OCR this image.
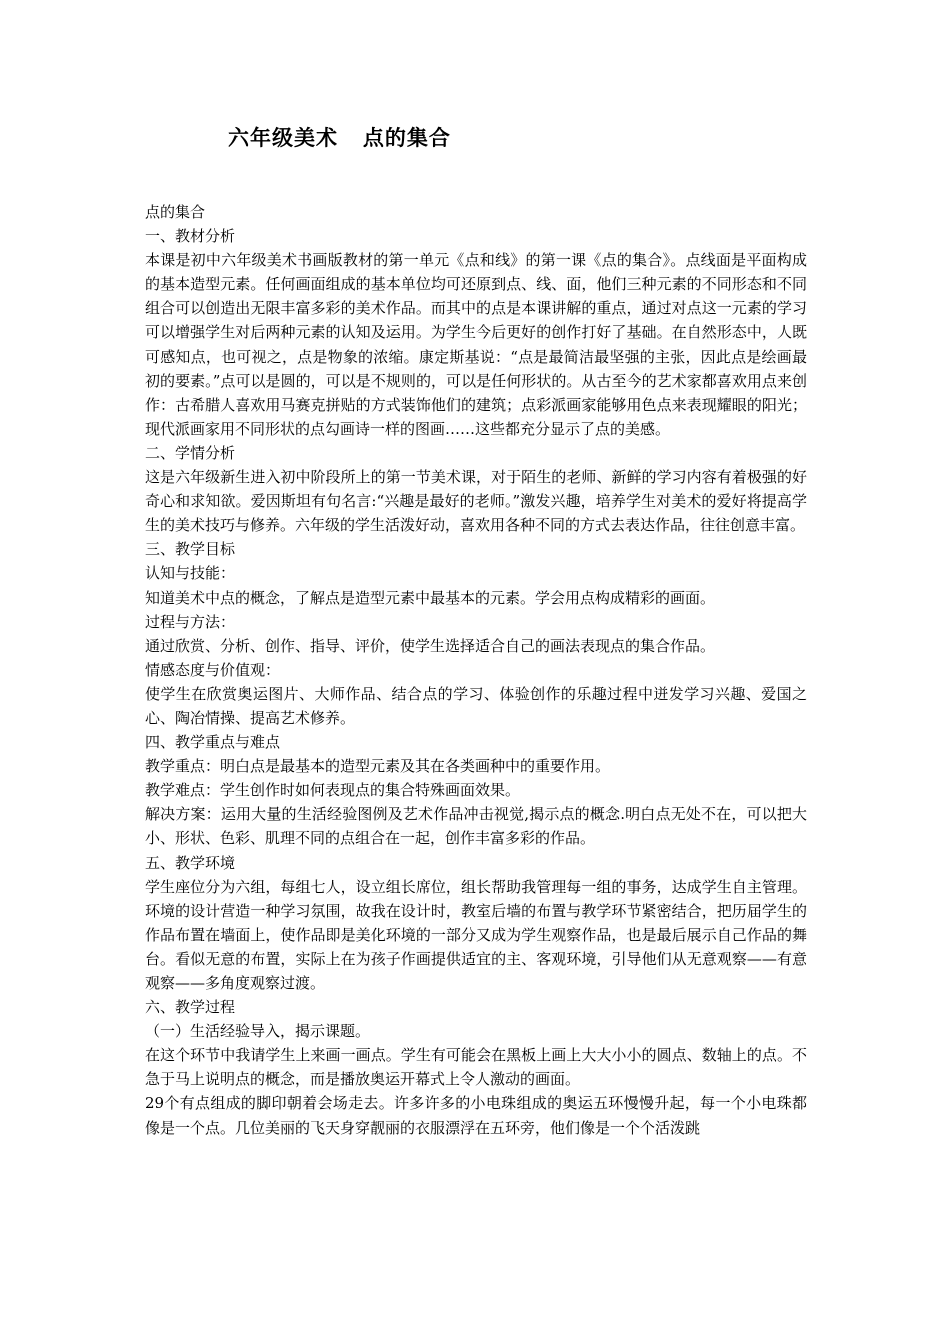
六年级美术   点的集合

点的集合

一、教材分析

本课是初中六年级美术书画版教材的第一单元《点和线》的第一课《点的集合》。点线面是平面构成的基本造型元素。任何画面组成的基本单位均可还原到点、线、面，他们三种元素的不同形态和不同组合可以创造出无限丰富多彩的美术作品。而其中的点是本课讲解的重点，通过对点这一元素的学习可以增强学生对后两种元素的认知及运用。为学生今后更好的创作打好了基础。在自然形态中，人既可感知点，也可视之，点是物象的浓缩。康定斯基说：“点是最简洁最坚强的主张，因此点是绘画最初的要素。”点可以是圆的，可以是不规则的，可以是任何形状的。从古至今的艺术家都喜欢用点来创作：古希腊人喜欢用马赛克拼贴的方式装饰他们的建筑；点彩派画家能够用色点来表现耀眼的阳光；现代派画家用不同形状的点勾画诗一样的图画……这些都充分显示了点的美感。

二、学情分析

这是六年级新生进入初中阶段所上的第一节美术课，对于陌生的老师、新鲜的学习内容有着极强的好奇心和求知欲。爱因斯坦有句名言:“兴趣是最好的老师。”激发兴趣，培养学生对美术的爱好将提高学生的美术技巧与修养。六年级的学生活泼好动，喜欢用各种不同的方式去表达作品，往往创意丰富。

三、教学目标

认知与技能：

知道美术中点的概念，了解点是造型元素中最基本的元素。学会用点构成精彩的画面。

过程与方法：

通过欣赏、分析、创作、指导、评价，使学生选择适合自己的画法表现点的集合作品。

情感态度与价值观：

使学生在欣赏奥运图片、大师作品、结合点的学习、体验创作的乐趣过程中迸发学习兴趣、爱国之心、陶冶情操、提高艺术修养。

四、教学重点与难点

教学重点：明白点是最基本的造型元素及其在各类画种中的重要作用。

教学难点：学生创作时如何表现点的集合特殊画面效果。

解决方案：运用大量的生活经验图例及艺术作品冲击视觉,揭示点的概念.明白点无处不在，可以把大小、形状、色彩、肌理不同的点组合在一起，创作丰富多彩的作品。

五、教学环境

学生座位分为六组，每组七人，设立组长席位，组长帮助我管理每一组的事务，达成学生自主管理。环境的设计营造一种学习氛围，故我在设计时，教室后墙的布置与教学环节紧密结合，把历届学生的作品布置在墙面上，使作品即是美化环境的一部分又成为学生观察作品，也是最后展示自己作品的舞台。看似无意的布置，实际上在为孩子作画提供适宜的主、客观环境，引导他们从无意观察——有意观察——多角度观察过渡。

六、教学过程

（一）生活经验导入，揭示课题。

在这个环节中我请学生上来画一画点。学生有可能会在黑板上画上大大小小的圆点、数轴上的点。不急于马上说明点的概念，而是播放奥运开幕式上令人激动的画面。

29个有点组成的脚印朝着会场走去。许多许多的小电珠组成的奥运五环慢慢升起，每一个小电珠都像是一个点。几位美丽的飞天身穿靓丽的衣服漂浮在五环旁，他们像是一个个活泼跳
